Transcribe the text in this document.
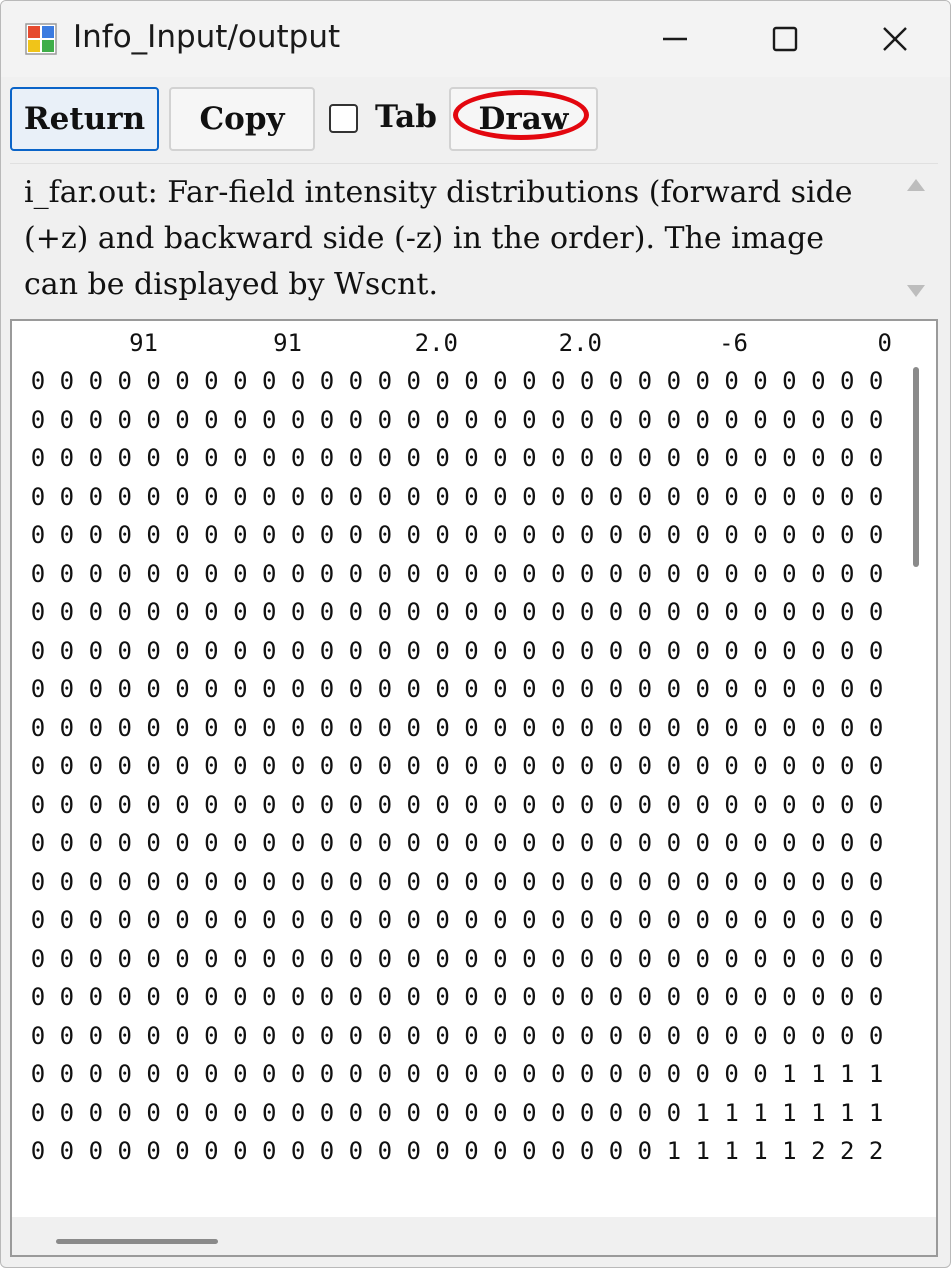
Info_Input/output
Return	Copy	Tab	Draw
i_far.out: Far-field intensity distributions (forward side (+z) and backward side (-z) in the order). The image can be displayed by Wscnt.
91	91	2.0	2.0	-6	0
0 0 0 0 0 0 0 0 0 0 0 0 0 0 0 0 0 0 0 0 0 0 0 0 0 0 0 0 0 0
0 0 0 0 0 0 0 0 0 0 0 0 0 0 0 0 0 0 0 0 0 0 0 0 0 0 0 0 0 0
0 0 0 0 0 0 0 0 0 0 0 0 0 0 0 0 0 0 0 0 0 0 0 0 0 0 0 0 0 0
0 0 0 0 0 0 0 0 0 0 0 0 0 0 0 0 0 0 0 0 0 0 0 0 0 0 0 0 0 0
0 0 0 0 0 0 0 0 0 0 0 0 0 0 0 0 0 0 0 0 0 0 0 0 0 0 0 0 0 0
0 0 0 0 0 0 0 0 0 0 0 0 0 0 0 0 0 0 0 0 0 0 0 0 0 0 0 0 0 0
0 0 0 0 0 0 0 0 0 0 0 0 0 0 0 0 0 0 0 0 0 0 0 0 0 0 0 0 0 0
0 0 0 0 0 0 0 0 0 0 0 0 0 0 0 0 0 0 0 0 0 0 0 0 0 0 0 0 0 0
0 0 0 0 0 0 0 0 0 0 0 0 0 0 0 0 0 0 0 0 0 0 0 0 0 0 0 0 0 0
0 0 0 0 0 0 0 0 0 0 0 0 0 0 0 0 0 0 0 0 0 0 0 0 0 0 0 0 0 0
0 0 0 0 0 0 0 0 0 0 0 0 0 0 0 0 0 0 0 0 0 0 0 0 0 0 0 0 0 0
0 0 0 0 0 0 0 0 0 0 0 0 0 0 0 0 0 0 0 0 0 0 0 0 0 0 0 0 0 0
0 0 0 0 0 0 0 0 0 0 0 0 0 0 0 0 0 0 0 0 0 0 0 0 0 0 0 0 0 0
0 0 0 0 0 0 0 0 0 0 0 0 0 0 0 0 0 0 0 0 0 0 0 0 0 0 0 0 0 0
0 0 0 0 0 0 0 0 0 0 0 0 0 0 0 0 0 0 0 0 0 0 0 0 0 0 0 0 0 0
0 0 0 0 0 0 0 0 0 0 0 0 0 0 0 0 0 0 0 0 0 0 0 0 0 0 0 0 0 0
0 0 0 0 0 0 0 0 0 0 0 0 0 0 0 0 0 0 0 0 0 0 0 0 0 0 0 0 0 0
0 0 0 0 0 0 0 0 0 0 0 0 0 0 0 0 0 0 0 0 0 0 0 0 0 0 0 0 0 0
0 0 0 0 0 0 0 0 0 0 0 0 0 0 0 0 0 0 0 0 0 0 0 0 0 0 1 1 1 1
0 0 0 0 0 0 0 0 0 0 0 0 0 0 0 0 0 0 0 0 0 0 0 1 1 1 1 1 1 1
0 0 0 0 0 0 0 0 0 0 0 0 0 0 0 0 0 0 0 0 0 0 1 1 1 1 1 2 2 2
